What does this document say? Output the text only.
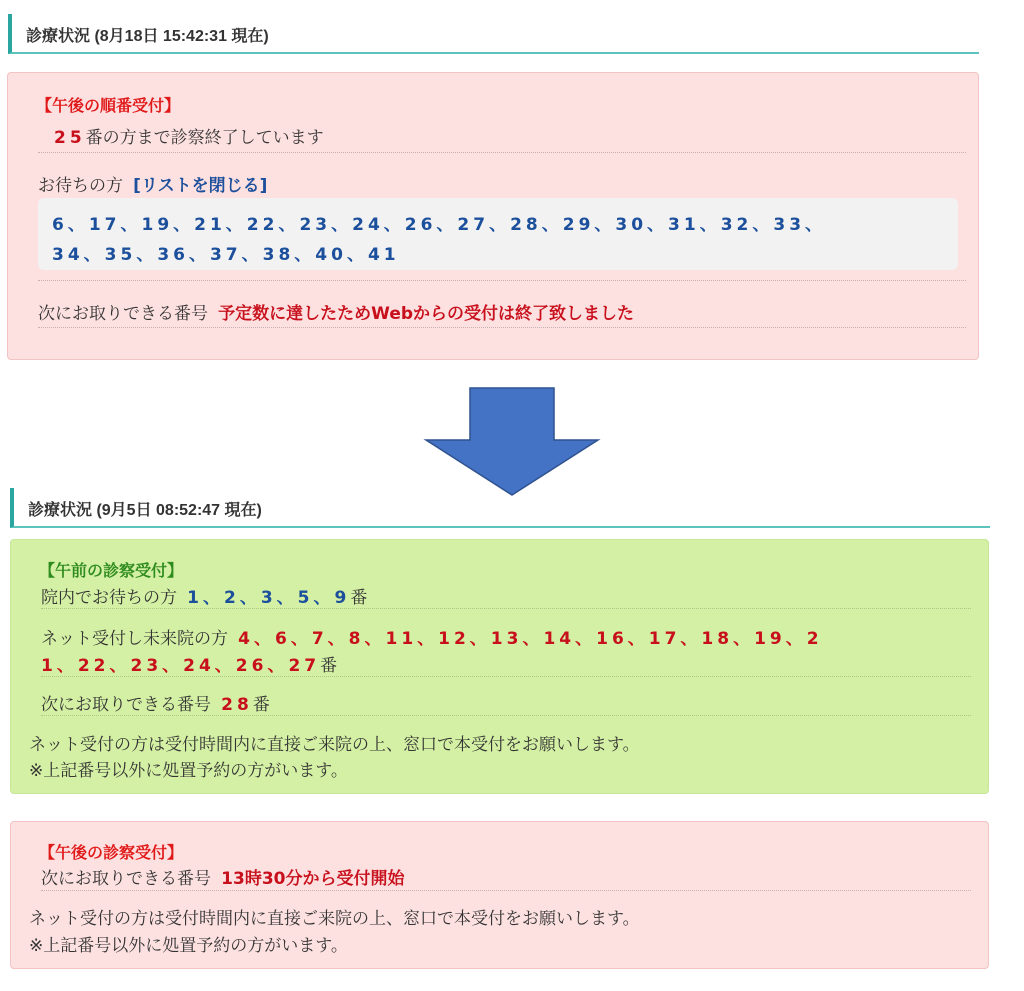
診療状況 (8月18日 15:42:31 現在)
【午後の順番受付】
25番の方まで診察終了しています
お待ちの方 [リストを閉じる]
6、17、19、21、22、23、24、26、27、28、29、30、31、32、33、
34、35、36、37、38、40、41
次にお取りできる番号 予定数に達したためWebからの受付は終了致しました
診療状況 (9月5日 08:52:47 現在)
【午前の診察受付】
院内でお待ちの方 1、2、3、5、9番
ネット受付し未来院の方 4、6、7、8、11、12、13、14、16、17、18、19、2
1、22、23、24、26、27番
次にお取りできる番号 28番
ネット受付の方は受付時間内に直接ご来院の上、窓口で本受付をお願いします。
※上記番号以外に処置予約の方がいます。
【午後の診察受付】
次にお取りできる番号 13時30分から受付開始
ネット受付の方は受付時間内に直接ご来院の上、窓口で本受付をお願いします。
※上記番号以外に処置予約の方がいます。
